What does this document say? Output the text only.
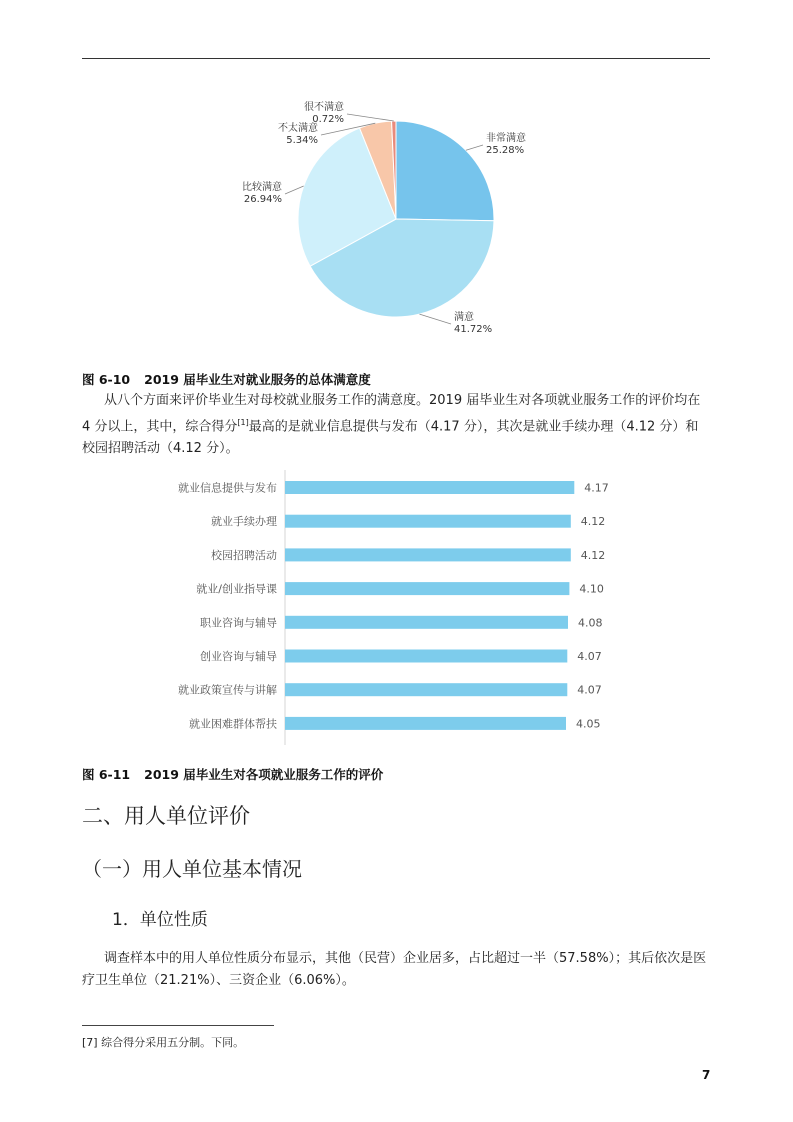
非常满意
25.28%
满意
41.72%
比较满意
26.94%
不太满意
5.34%
很不满意
0.72%
图 6-10 2019 届毕业生对就业服务的总体满意度
从八个方面来评价毕业生对母校就业服务工作的满意度。2019 届毕业生对各项就业服务工作的评价均在 4 分以上，其中，综合得分[1]最高的是就业信息提供与发布（4.17 分），其次是就业手续办理（4.12 分）和校园招聘活动（4.12 分）。
就业信息提供与发布	4.17
就业手续办理	4.12
校园招聘活动	4.12
就业/创业指导课	4.10
职业咨询与辅导	4.08
创业咨询与辅导	4.07
就业政策宣传与讲解	4.07
就业困难群体帮扶	4.05
图 6-11 2019 届毕业生对各项就业服务工作的评价
二、用人单位评价
（一）用人单位基本情况
1．单位性质
调查样本中的用人单位性质分布显示，其他（民营）企业居多，占比超过一半（57.58%）；其后依次是医疗卫生单位（21.21%）、三资企业（6.06%）。
[7] 综合得分采用五分制。下同。
7
